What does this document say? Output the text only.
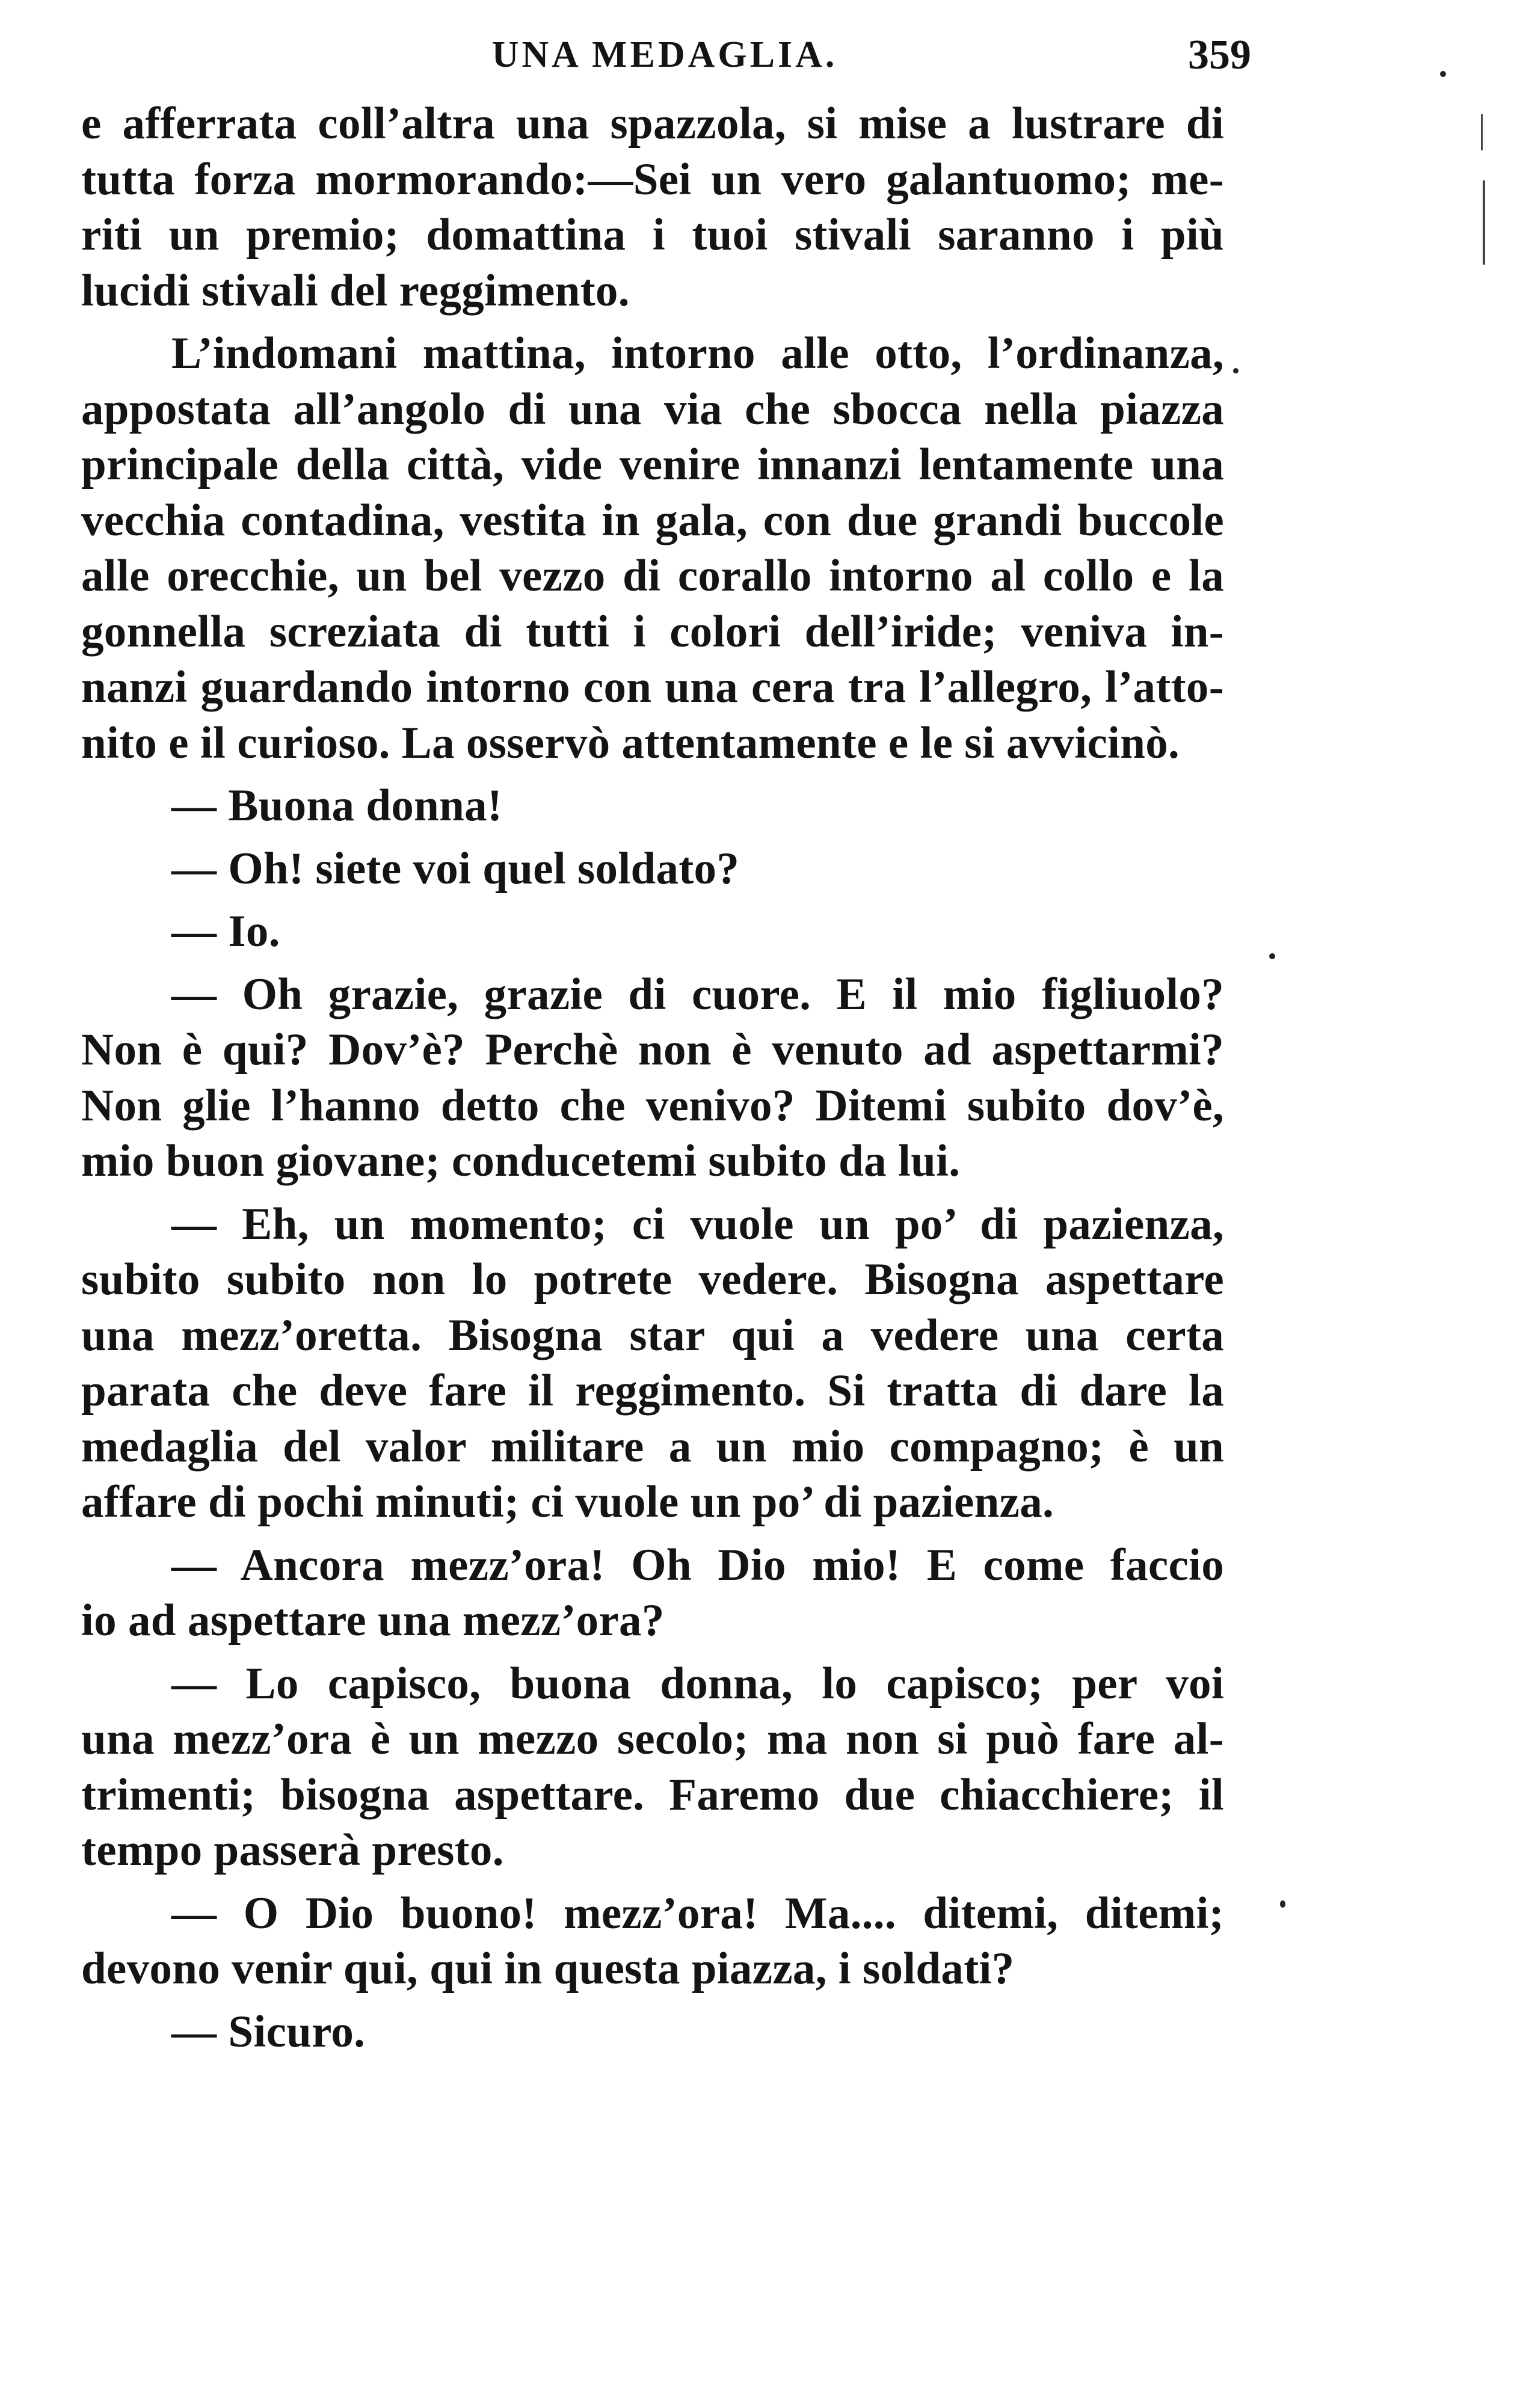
UNA MEDAGLIA.	359
e afferrata coll’altra una spazzola, si mise a lustrare di
tutta forza mormorando:—Sei un vero galantuomo; me-
riti un premio; domattina i tuoi stivali saranno i più
lucidi stivali del reggimento.
L’indomani mattina, intorno alle otto, l’ordinanza,
appostata all’angolo di una via che sbocca nella piazza
principale della città, vide venire innanzi lentamente una
vecchia contadina, vestita in gala, con due grandi buccole
alle orecchie, un bel vezzo di corallo intorno al collo e la
gonnella screziata di tutti i colori dell’iride; veniva in-
nanzi guardando intorno con una cera tra l’allegro, l’atto-
nito e il curioso. La osservò attentamente e le si avvicinò.
— Buona donna!
— Oh! siete voi quel soldato?
— Io.
— Oh grazie, grazie di cuore. E il mio figliuolo?
Non è qui? Dov’è? Perchè non è venuto ad aspettarmi?
Non glie l’hanno detto che venivo? Ditemi subito dov’è,
mio buon giovane; conducetemi subito da lui.
— Eh, un momento; ci vuole un po’ di pazienza,
subito subito non lo potrete vedere. Bisogna aspettare
una mezz’oretta. Bisogna star qui a vedere una certa
parata che deve fare il reggimento. Si tratta di dare la
medaglia del valor militare a un mio compagno; è un
affare di pochi minuti; ci vuole un po’ di pazienza.
— Ancora mezz’ora! Oh Dio mio! E come faccio
io ad aspettare una mezz’ora?
— Lo capisco, buona donna, lo capisco; per voi
una mezz’ora è un mezzo secolo; ma non si può fare al-
trimenti; bisogna aspettare. Faremo due chiacchiere; il
tempo passerà presto.
— O Dio buono! mezz’ora! Ma.... ditemi, ditemi;
devono venir qui, qui in questa piazza, i soldati?
— Sicuro.
